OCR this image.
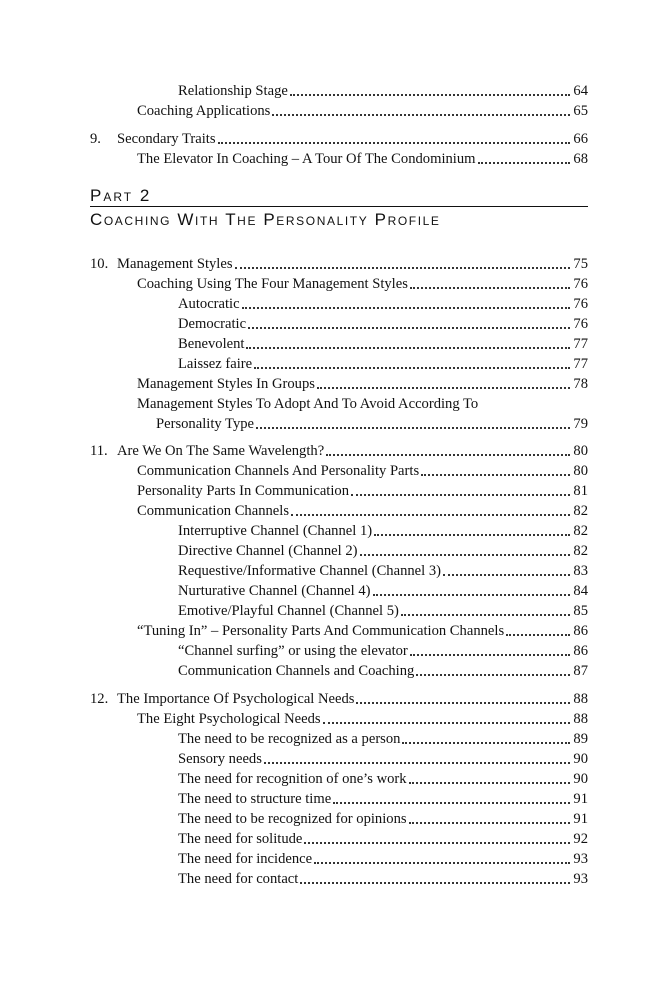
Relationship Stage	64
Coaching Applications	65
9. Secondary Traits	66
The Elevator In Coaching – A Tour Of The Condominium	68
Part 2
Coaching With The Personality Profile
10. Management Styles	75
Coaching Using The Four Management Styles	76
Autocratic	76
Democratic	76
Benevolent	77
Laissez faire	77
Management Styles In Groups	78
Management Styles To Adopt And To Avoid According To
Personality Type	79
11. Are We On The Same Wavelength?	80
Communication Channels And Personality Parts	80
Personality Parts In Communication	81
Communication Channels	82
Interruptive Channel (Channel 1)	82
Directive Channel (Channel 2)	82
Requestive/Informative Channel (Channel 3)	83
Nurturative Channel (Channel 4)	84
Emotive/Playful Channel (Channel 5)	85
“Tuning In” – Personality Parts And Communication Channels	86
“Channel surfing” or using the elevator	86
Communication Channels and Coaching	87
12. The Importance Of Psychological Needs	88
The Eight Psychological Needs	88
The need to be recognized as a person	89
Sensory needs	90
The need for recognition of one’s work	90
The need to structure time	91
The need to be recognized for opinions	91
The need for solitude	92
The need for incidence	93
The need for contact	93
